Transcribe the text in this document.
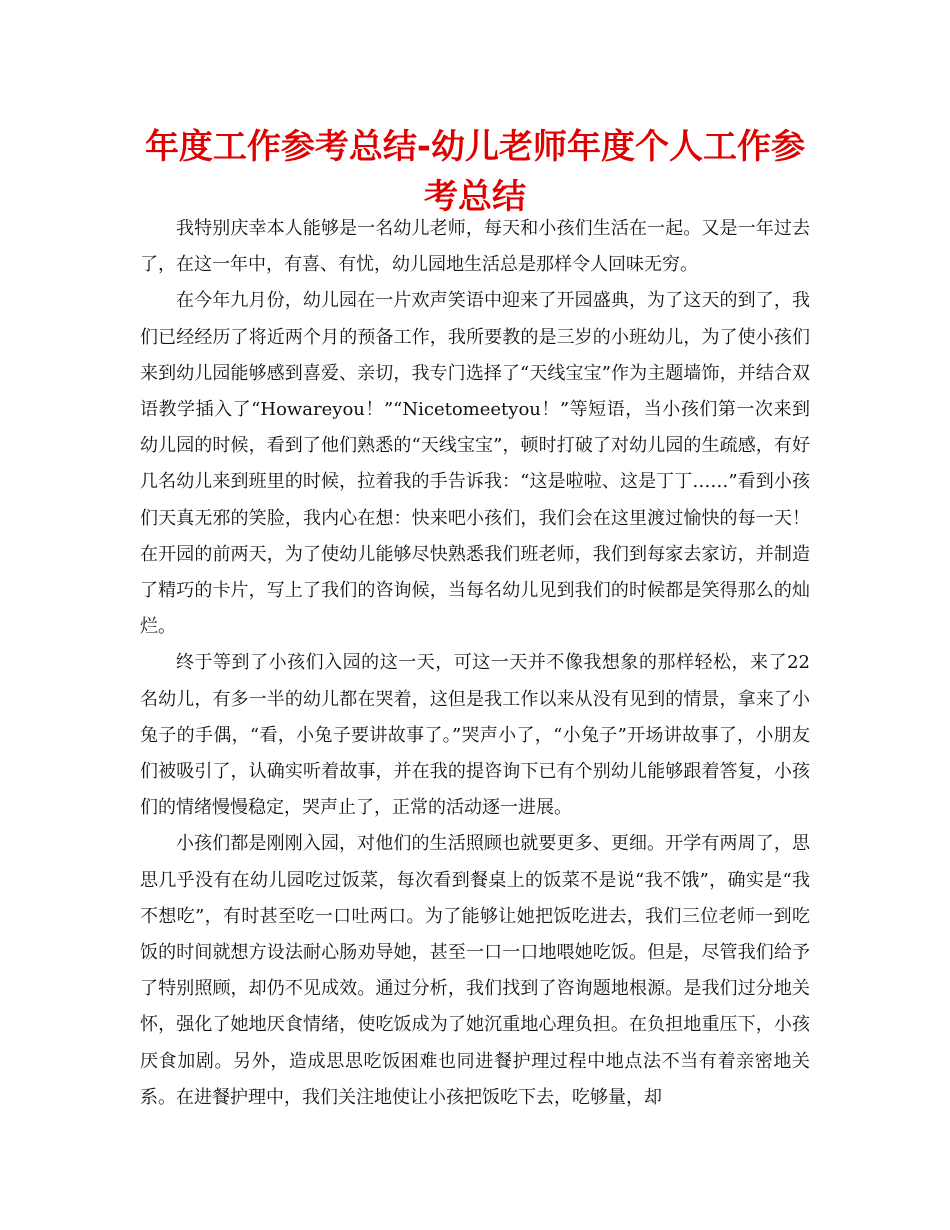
年度工作参考总结-幼儿老师年度个人工作参考总结

我特别庆幸本人能够是一名幼儿老师，每天和小孩们生活在一起。又是一年过去了，在这一年中，有喜、有忧，幼儿园地生活总是那样令人回味无穷。

在今年九月份，幼儿园在一片欢声笑语中迎来了开园盛典，为了这天的到了，我们已经经历了将近两个月的预备工作，我所要教的是三岁的小班幼儿，为了使小孩们来到幼儿园能够感到喜爱、亲切，我专门选择了“天线宝宝”作为主题墙饰，并结合双语教学插入了“Howareyou！”“Nicetomeetyou！”等短语，当小孩们第一次来到幼儿园的时候，看到了他们熟悉的“天线宝宝”，顿时打破了对幼儿园的生疏感，有好几名幼儿来到班里的时候，拉着我的手告诉我：“这是啦啦、这是丁丁……”看到小孩们天真无邪的笑脸，我内心在想：快来吧小孩们，我们会在这里渡过愉快的每一天！在开园的前两天，为了使幼儿能够尽快熟悉我们班老师，我们到每家去家访，并制造了精巧的卡片，写上了我们的咨询候，当每名幼儿见到我们的时候都是笑得那么的灿烂。

终于等到了小孩们入园的这一天，可这一天并不像我想象的那样轻松，来了22名幼儿，有多一半的幼儿都在哭着，这但是我工作以来从没有见到的情景，拿来了小兔子的手偶，“看，小兔子要讲故事了。”哭声小了，“小兔子”开场讲故事了，小朋友们被吸引了，认确实听着故事，并在我的提咨询下已有个别幼儿能够跟着答复，小孩们的情绪慢慢稳定，哭声止了，正常的活动逐一进展。

小孩们都是刚刚入园，对他们的生活照顾也就要更多、更细。开学有两周了，思思几乎没有在幼儿园吃过饭菜，每次看到餐桌上的饭菜不是说“我不饿”，确实是“我不想吃”，有时甚至吃一口吐两口。为了能够让她把饭吃进去，我们三位老师一到吃饭的时间就想方设法耐心肠劝导她，甚至一口一口地喂她吃饭。但是，尽管我们给予了特别照顾，却仍不见成效。通过分析，我们找到了咨询题地根源。是我们过分地关怀，强化了她地厌食情绪，使吃饭成为了她沉重地心理负担。在负担地重压下，小孩厌食加剧。另外，造成思思吃饭困难也同进餐护理过程中地点法不当有着亲密地关系。在进餐护理中，我们关注地使让小孩把饭吃下去，吃够量，却
